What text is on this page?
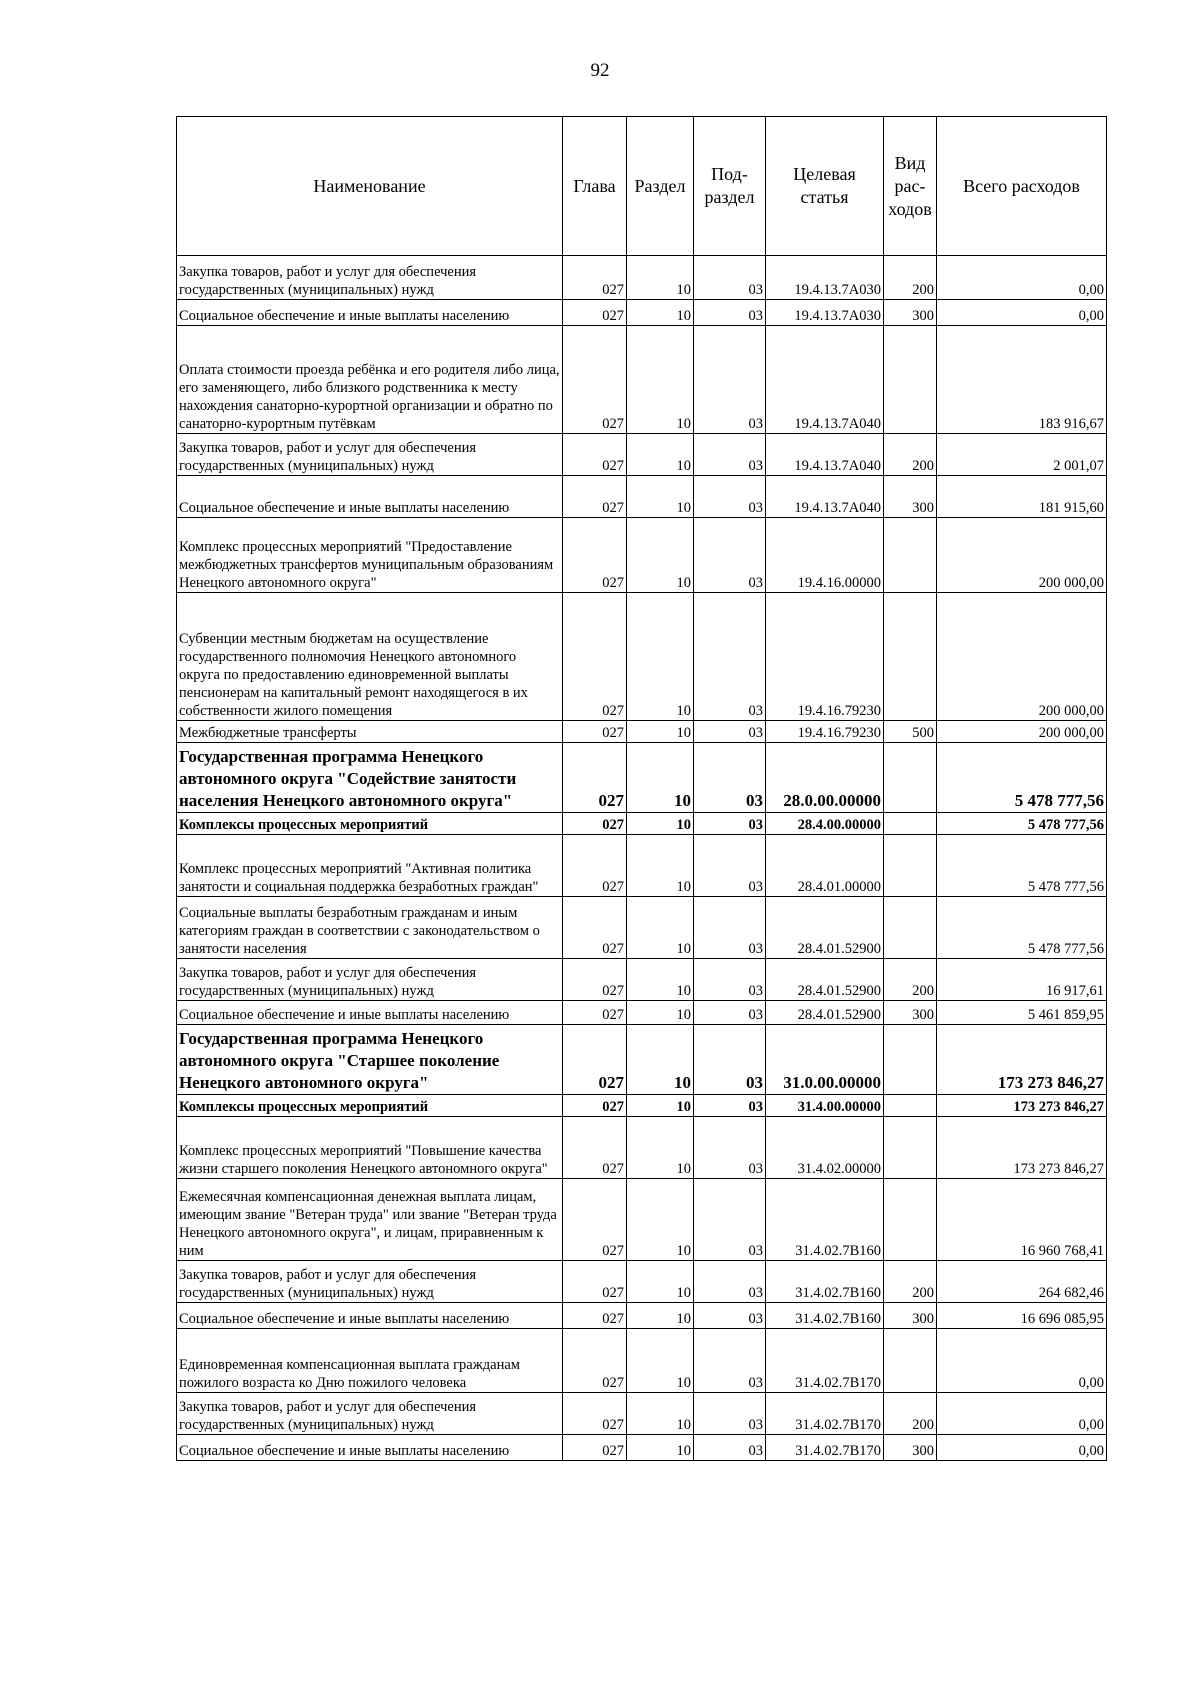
92
Наименование	Глава	Раздел	Под-раздел	Целевая статья	Вид рас-ходов	Всего расходов
Закупка товаров, работ и услуг для обеспечения государственных (муниципальных) нужд	027	10	03	19.4.13.7А030	200	0,00
Социальное обеспечение и иные выплаты населению	027	10	03	19.4.13.7А030	300	0,00
Оплата стоимости проезда ребёнка и его родителя либо лица, его заменяющего, либо близкого родственника к месту нахождения санаторно-курортной организации и обратно по санаторно-курортным путёвкам	027	10	03	19.4.13.7А040		183 916,67
Закупка товаров, работ и услуг для обеспечения государственных (муниципальных) нужд	027	10	03	19.4.13.7А040	200	2 001,07
Социальное обеспечение и иные выплаты населению	027	10	03	19.4.13.7А040	300	181 915,60
Комплекс процессных мероприятий "Предоставление межбюджетных трансфертов муниципальным образованиям Ненецкого автономного округа"	027	10	03	19.4.16.00000		200 000,00
Субвенции местным бюджетам на осуществление государственного полномочия Ненецкого автономного округа по предоставлению единовременной выплаты пенсионерам на капитальный ремонт находящегося в их собственности жилого помещения	027	10	03	19.4.16.79230		200 000,00
Межбюджетные трансферты	027	10	03	19.4.16.79230	500	200 000,00
Государственная программа Ненецкого автономного округа "Содействие занятости населения Ненецкого автономного округа"	027	10	03	28.0.00.00000		5 478 777,56
Комплексы процессных мероприятий	027	10	03	28.4.00.00000		5 478 777,56
Комплекс процессных мероприятий "Активная политика занятости и социальная поддержка безработных граждан"	027	10	03	28.4.01.00000		5 478 777,56
Социальные выплаты безработным гражданам и иным категориям граждан в соответствии с законодательством о занятости населения	027	10	03	28.4.01.52900		5 478 777,56
Закупка товаров, работ и услуг для обеспечения государственных (муниципальных) нужд	027	10	03	28.4.01.52900	200	16 917,61
Социальное обеспечение и иные выплаты населению	027	10	03	28.4.01.52900	300	5 461 859,95
Государственная программа Ненецкого автономного округа "Старшее поколение Ненецкого автономного округа"	027	10	03	31.0.00.00000		173 273 846,27
Комплексы процессных мероприятий	027	10	03	31.4.00.00000		173 273 846,27
Комплекс процессных мероприятий "Повышение качества жизни старшего поколения Ненецкого автономного округа"	027	10	03	31.4.02.00000		173 273 846,27
Ежемесячная компенсационная денежная выплата лицам, имеющим звание "Ветеран труда" или звание "Ветеран труда Ненецкого автономного округа", и лицам, приравненным к ним	027	10	03	31.4.02.7В160		16 960 768,41
Закупка товаров, работ и услуг для обеспечения государственных (муниципальных) нужд	027	10	03	31.4.02.7В160	200	264 682,46
Социальное обеспечение и иные выплаты населению	027	10	03	31.4.02.7В160	300	16 696 085,95
Единовременная компенсационная выплата гражданам пожилого возраста ко Дню пожилого человека	027	10	03	31.4.02.7В170		0,00
Закупка товаров, работ и услуг для обеспечения государственных (муниципальных) нужд	027	10	03	31.4.02.7В170	200	0,00
Социальное обеспечение и иные выплаты населению	027	10	03	31.4.02.7В170	300	0,00
